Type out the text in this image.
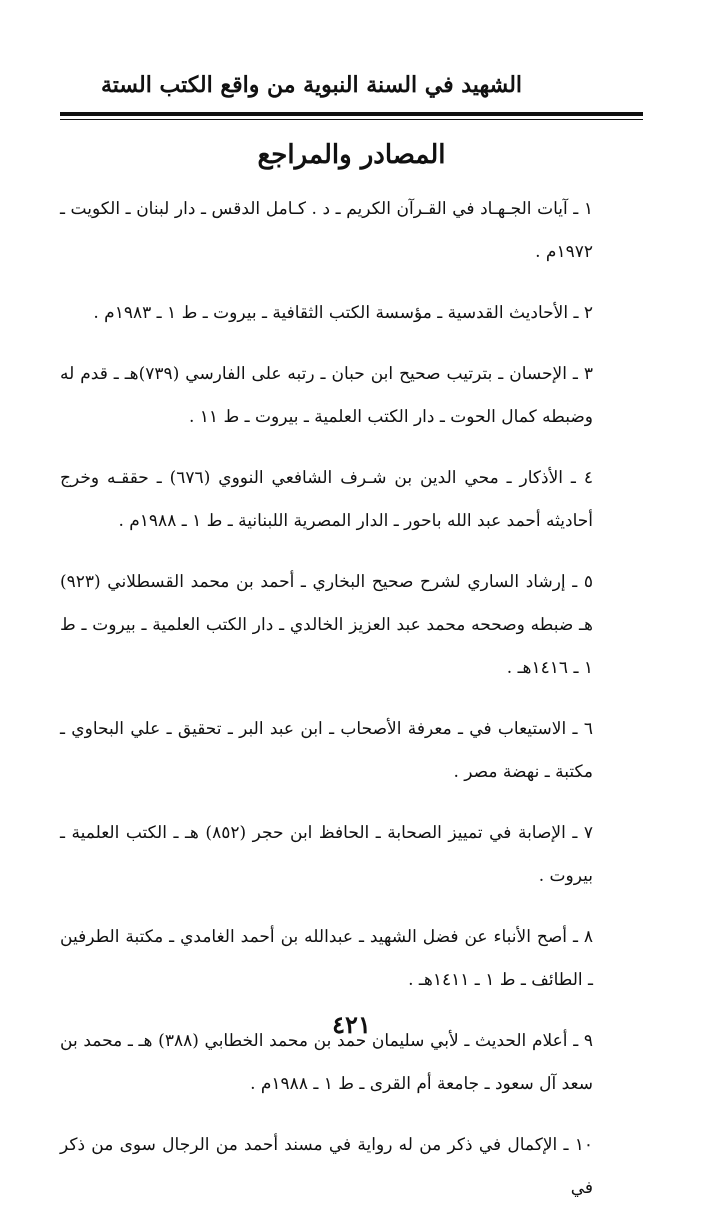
الشهيد في السنة النبوية من واقع الكتب الستة
المصادر والمراجع

١ ـ آيات الجـهـاد في القـرآن الكريم ـ د . كـامل الدقس ـ دار لبنان ـ الكويت ـ ١٩٧٢م .

٢ ـ الأحاديث القدسية ـ مؤسسة الكتب الثقافية ـ بيروت ـ ط ١ ـ ١٩٨٣م .

٣ ـ الإحسان ـ بترتيب صحيح ابن حبان ـ رتبه على الفارسي (٧٣٩)هـ ـ قدم له وضبطه كمال الحوت ـ دار الكتب العلمية ـ بيروت ـ ط ١١ .

٤ ـ الأذكار ـ محي الدين بن شـرف الشافعي النووي (٦٧٦) ـ حققـه وخرج أحاديثه أحمد عبد الله باحور ـ الدار المصرية اللبنانية ـ ط ١ ـ ١٩٨٨م .

٥ ـ إرشاد الساري لشرح صحيح البخاري ـ أحمد بن محمد القسطلاني (٩٢٣) هـ ضبطه وصححه محمد عبد العزيز الخالدي ـ دار الكتب العلمية ـ بيروت ـ ط ١ ـ ١٤١٦هـ .

٦ ـ الاستيعاب في ـ معرفة الأصحاب ـ ابن عبد البر ـ تحقيق ـ علي البحاوي ـ مكتبة ـ نهضة مصر .

٧ ـ الإصابة في تمييز الصحابة ـ الحافظ ابن حجر (٨٥٢) هـ ـ الكتب العلمية ـ بيروت .

٨ ـ أصح الأنباء عن فضل الشهيد ـ عبدالله بن أحمد الغامدي ـ مكتبة الطرفين ـ الطائف ـ ط ١ ـ ١٤١١هـ .

٩ ـ أعلام الحديث ـ لأبي سليمان حمد بن محمد الخطابي (٣٨٨) هـ ـ محمد بن سعد آل سعود ـ جامعة أم القرى ـ ط ١ ـ ١٩٨٨م .

١٠ ـ الإكمال في ذكر من له رواية في مسند أحمد من الرجال سوى من ذكر في

٤٢١
